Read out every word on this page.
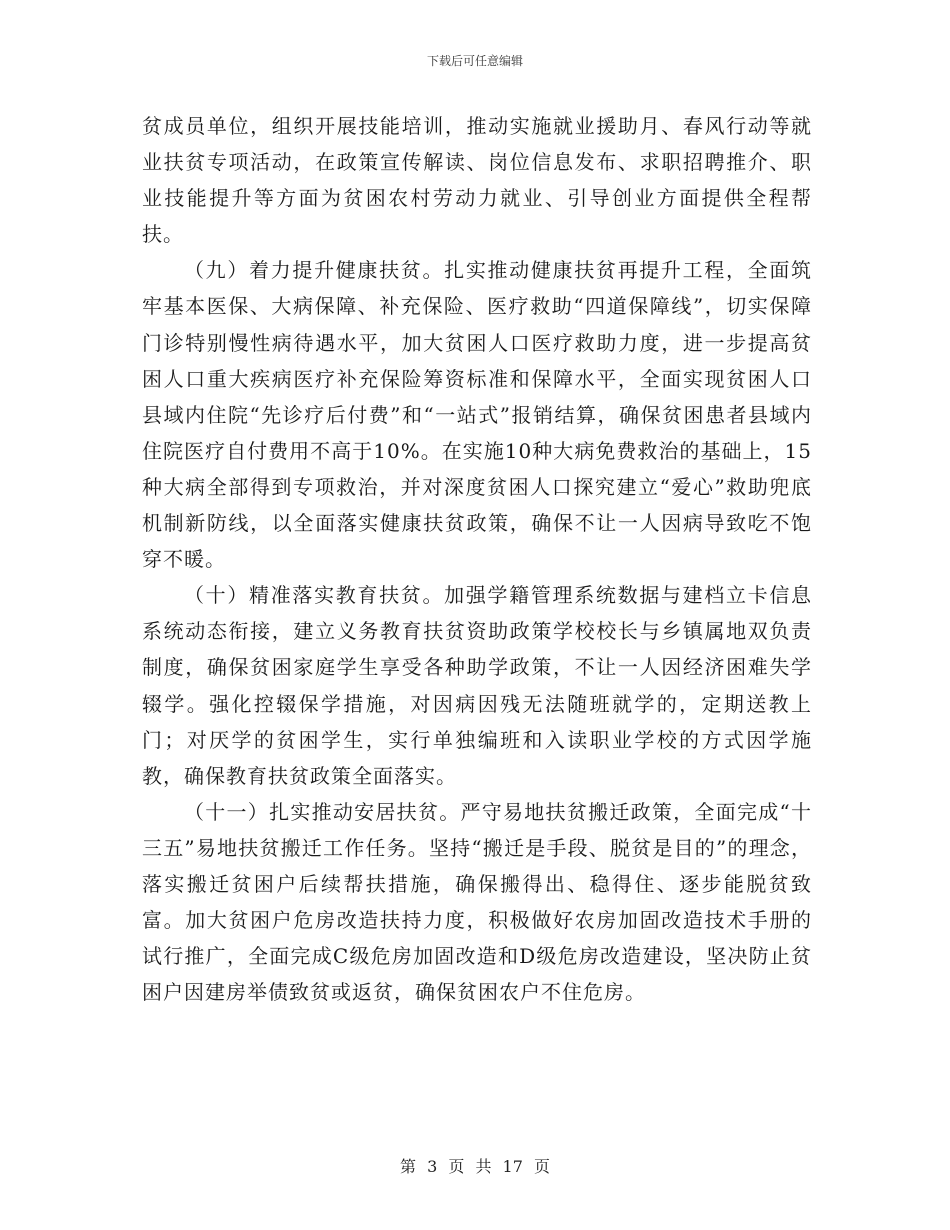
下载后可任意编辑

贫成员单位，组织开展技能培训，推动实施就业援助月、春风行动等就业扶贫专项活动，在政策宣传解读、岗位信息发布、求职招聘推介、职业技能提升等方面为贫困农村劳动力就业、引导创业方面提供全程帮扶。

（九）着力提升健康扶贫。扎实推动健康扶贫再提升工程，全面筑牢基本医保、大病保障、补充保险、医疗救助“四道保障线”，切实保障门诊特别慢性病待遇水平，加大贫困人口医疗救助力度，进一步提高贫困人口重大疾病医疗补充保险筹资标准和保障水平，全面实现贫困人口县域内住院“先诊疗后付费”和“一站式”报销结算，确保贫困患者县域内住院医疗自付费用不高于10%。在实施10种大病免费救治的基础上，15种大病全部得到专项救治，并对深度贫困人口探究建立“爱心”救助兜底机制新防线，以全面落实健康扶贫政策，确保不让一人因病导致吃不饱穿不暖。

（十）精准落实教育扶贫。加强学籍管理系统数据与建档立卡信息系统动态衔接，建立义务教育扶贫资助政策学校校长与乡镇属地双负责制度，确保贫困家庭学生享受各种助学政策，不让一人因经济困难失学辍学。强化控辍保学措施，对因病因残无法随班就学的，定期送教上门；对厌学的贫困学生，实行单独编班和入读职业学校的方式因学施教，确保教育扶贫政策全面落实。

（十一）扎实推动安居扶贫。严守易地扶贫搬迁政策，全面完成“十三五”易地扶贫搬迁工作任务。坚持“搬迁是手段、脱贫是目的”的理念，落实搬迁贫困户后续帮扶措施，确保搬得出、稳得住、逐步能脱贫致富。加大贫困户危房改造扶持力度，积极做好农房加固改造技术手册的试行推广，全面完成C级危房加固改造和D级危房改造建设，坚决防止贫困户因建房举债致贫或返贫，确保贫困农户不住危房。

第 3 页 共 17 页
